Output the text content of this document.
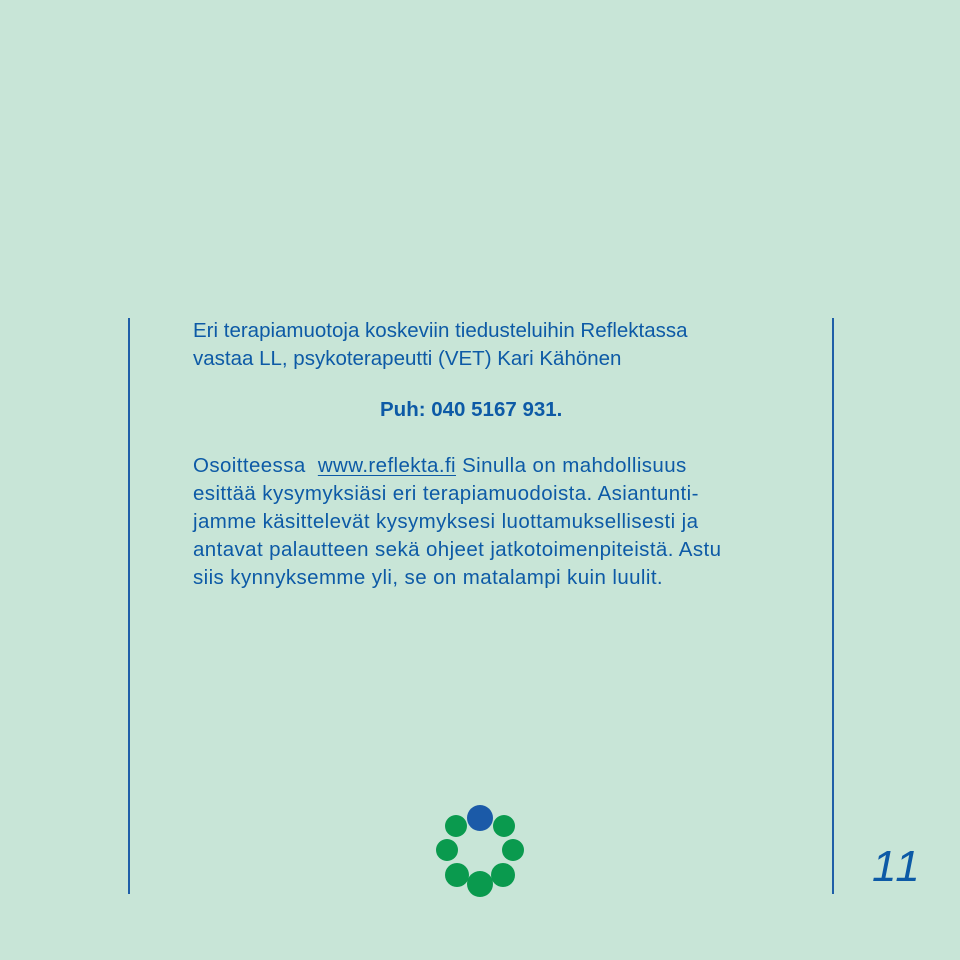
Eri terapiamuotoja koskeviin tiedusteluihin Reflektassa
vastaa LL, psykoterapeutti (VET) Kari Kähönen
Puh: 040 5167 931.
Osoitteessa  www.reflekta.fi Sinulla on mahdollisuus
esittää kysymyksiäsi eri terapiamuodoista. Asiantunti-
jamme käsittelevät kysymyksesi luottamuksellisesti ja
antavat palautteen sekä ohjeet jatkotoimenpiteistä. Astu
siis kynnyksemme yli, se on matalampi kuin luulit.
11
